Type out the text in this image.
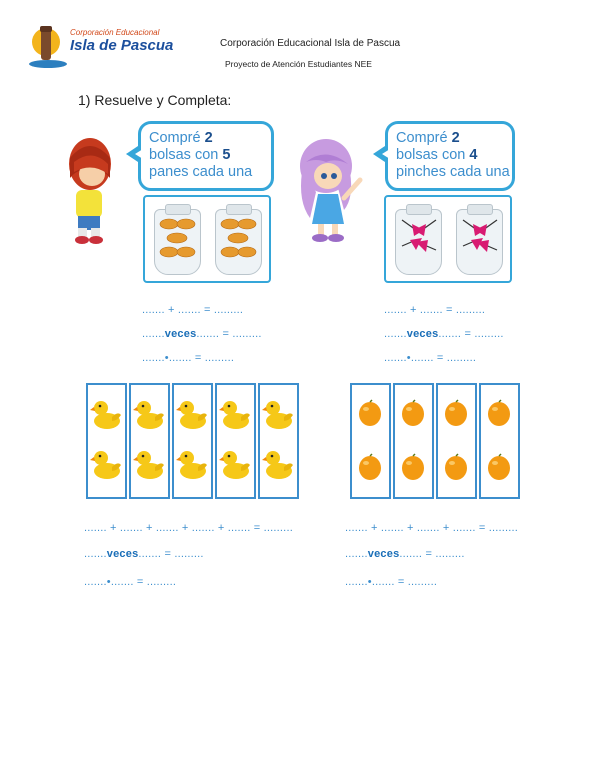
Corporación Educacional
Isla de Pascua	Corporación Educacional Isla de Pascua
Proyecto de Atención Estudiantes NEE
1) Resuelve y Completa:
Compré 2
bolsas con 5
panes cada una
....... + ....... = .........
.......veces....... = .........
.......•....... = .........
Compré 2
bolsas con 4
pinches cada una
....... + ....... = .........
.......veces....... = .........
.......•....... = .........
....... + ....... + ....... + ....... + ....... = .........
.......veces....... = .........
.......•....... = .........
....... + ....... + ....... + ....... = .........
.......veces....... = .........
.......•....... = .........
